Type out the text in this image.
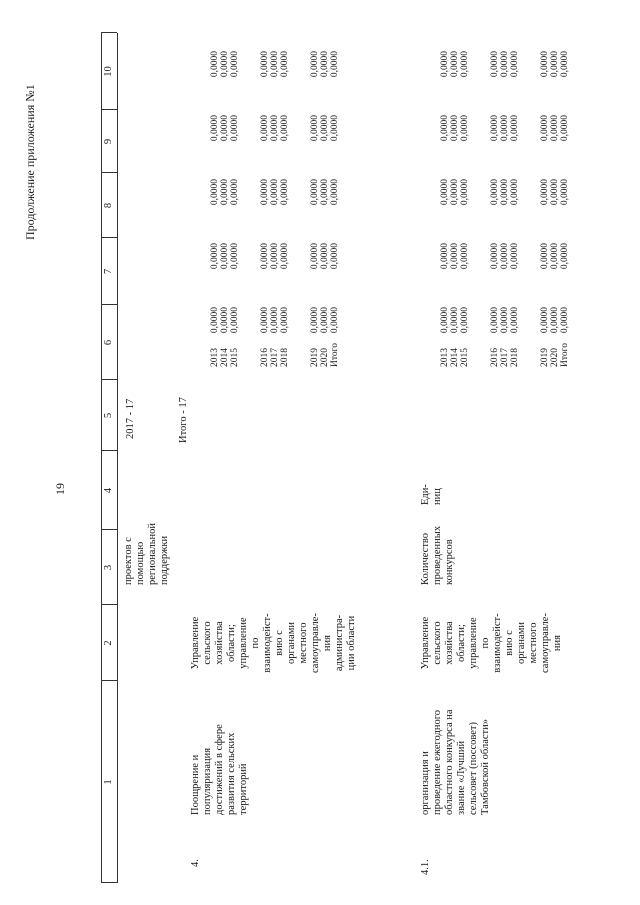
19
Продолжение приложения №1
1
2
3
4
5
6
7
8
9
10
проектов с
помощью
региональной
поддержки
2017 - 17	Итого - 17
4.
Поощрение и
популяризация
достижений в сфере
развития сельских
территорий
Управление
сельского
хозяйства
области;
управление
по
взаимодейст-
вию с
органами
местного
самоуправле-
ния
администра-
ции области

2013 2014 2015

2016 2017 2018

2019 2020 Итого

0,0000 0,0000 0,0000

0,0000 0,0000 0,0000

0,0000 0,0000 0,0000

0,0000 0,0000 0,0000

0,0000 0,0000 0,0000

0,0000 0,0000 0,0000

0,0000 0,0000 0,0000

0,0000 0,0000 0,0000

0,0000 0,0000 0,0000

0,0000 0,0000 0,0000

0,0000 0,0000 0,0000

0,0000 0,0000 0,0000

0,0000 0,0000 0,0000

0,0000 0,0000 0,0000

0,0000 0,0000 0,0000

4.1.
организация и
проведение ежегодного
областного конкурса на
звание «Лучший
сельсовет (поссовет)
Тамбовской области»
Управление
сельского
хозяйства
области;
управление
по
взаимодейст-
вию с
органами
местного
самоуправле-
ния
Количество
проведенных
конкурсов
Еди-
ниц

2013 2014 2015

2016 2017 2018

2019 2020 Итого

0,0000 0,0000 0,0000

0,0000 0,0000 0,0000

0,0000 0,0000 0,0000

0,0000 0,0000 0,0000

0,0000 0,0000 0,0000

0,0000 0,0000 0,0000

0,0000 0,0000 0,0000

0,0000 0,0000 0,0000

0,0000 0,0000 0,0000

0,0000 0,0000 0,0000

0,0000 0,0000 0,0000

0,0000 0,0000 0,0000

0,0000 0,0000 0,0000

0,0000 0,0000 0,0000

0,0000 0,0000 0,0000
